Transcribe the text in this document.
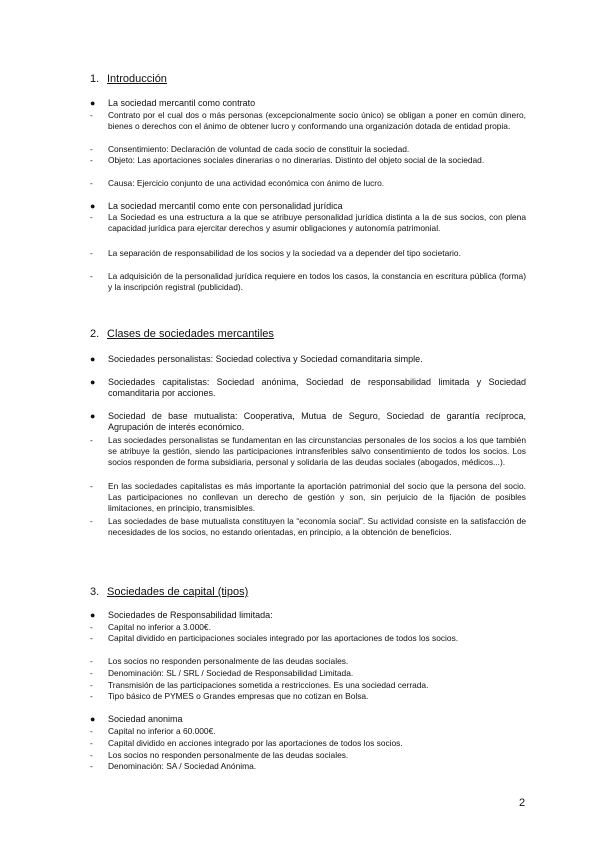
1. Introducción
● La sociedad mercantil como contrato
- Contrato por el cual dos o más personas (excepcionalmente socio único) se obligan a poner en común dinero, bienes o derechos con el ánimo de obtener lucro y conformando una organización dotada de entidad propia.
- Consentimiento: Declaración de voluntad de cada socio de constituir la sociedad.
- Objeto: Las aportaciones sociales dinerarias o no dinerarias. Distinto del objeto social de la sociedad.
- Causa: Ejercicio conjunto de una actividad económica con ánimo de lucro.
● La sociedad mercantil como ente con personalidad jurídica
- La Sociedad es una estructura a la que se atribuye personalidad jurídica distinta a la de sus socios, con plena capacidad jurídica para ejercitar derechos y asumir obligaciones y autonomía patrimonial.
- La separación de responsabilidad de los socios y la sociedad va a depender del tipo societario.
- La adquisición de la personalidad jurídica requiere en todos los casos, la constancia en escritura pública (forma) y la inscripción registral (publicidad).
2. Clases de sociedades mercantiles
● Sociedades personalistas: Sociedad colectiva y Sociedad comanditaria simple.
● Sociedades capitalistas: Sociedad anónima, Sociedad de responsabilidad limitada y Sociedad comanditaria por acciones.
● Sociedad de base mutualista: Cooperativa, Mutua de Seguro, Sociedad de garantía recíproca, Agrupación de interés económico.
- Las sociedades personalistas se fundamentan en las circunstancias personales de los socios a los que también se atribuye la gestión, siendo las participaciones intransferibles salvo consentimiento de todos los socios. Los socios responden de forma subsidiaria, personal y solidaria de las deudas sociales (abogados, médicos...).
- En las sociedades capitalistas es más importante la aportación patrimonial del socio que la persona del socio. Las participaciones no conllevan un derecho de gestión y son, sin perjuicio de la fijación de posibles limitaciones, en principio, transmisibles.
- Las sociedades de base mutualista constituyen la “economía social”. Su actividad consiste en la satisfacción de necesidades de los socios, no estando orientadas, en principio, a la obtención de beneficios.
3. Sociedades de capital (tipos)
● Sociedades de Responsabilidad limitada:
- Capital no inferior a 3.000€.
- Capital dividido en participaciones sociales integrado por las aportaciones de todos los socios.
- Los socios no responden personalmente de las deudas sociales.
- Denominación: SL / SRL / Sociedad de Responsabilidad Limitada.
- Transmisión de las participaciones sometida a restricciones. Es una sociedad cerrada.
- Tipo básico de PYMES o Grandes empresas que no cotizan en Bolsa.
● Sociedad anonima
- Capital no inferior a 60.000€.
- Capital dividido en acciones integrado por las aportaciones de todos los socios.
- Los socios no responden personalmente de las deudas sociales.
- Denominación: SA / Sociedad Anónima.
2
